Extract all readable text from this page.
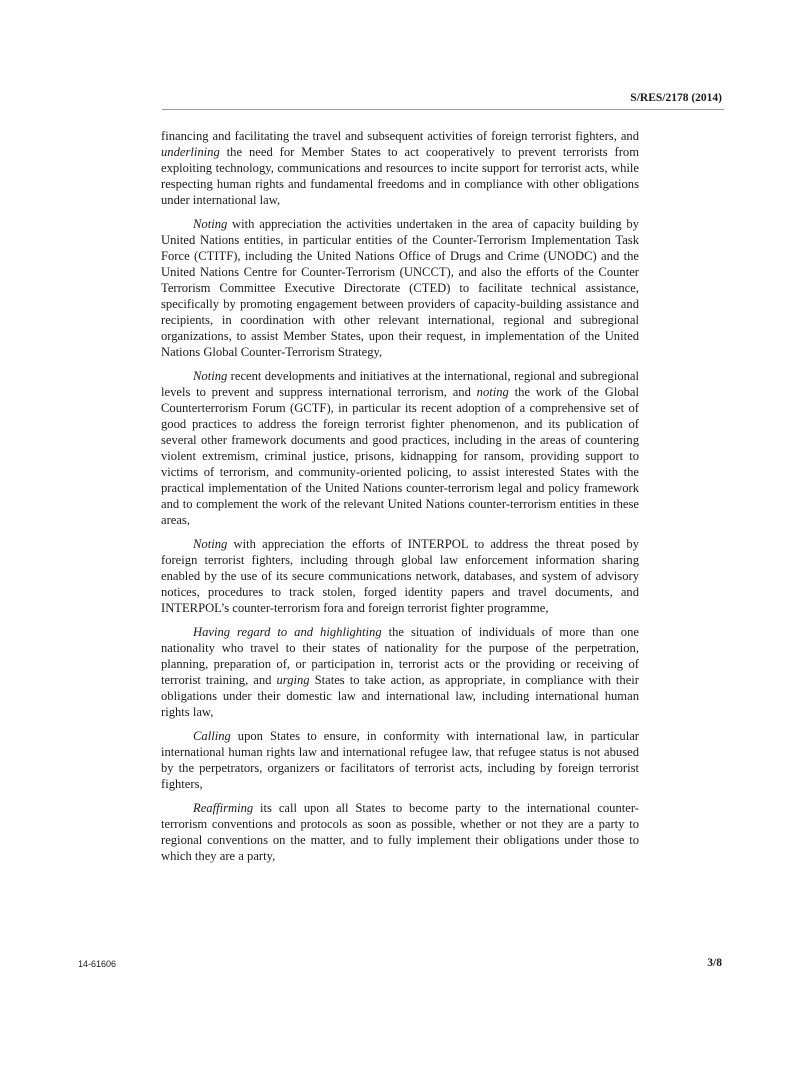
S/RES/2178 (2014)

financing and facilitating the travel and subsequent activities of foreign terrorist fighters, and underlining the need for Member States to act cooperatively to prevent terrorists from exploiting technology, communications and resources to incite support for terrorist acts, while respecting human rights and fundamental freedoms and in compliance with other obligations under international law,

Noting with appreciation the activities undertaken in the area of capacity building by United Nations entities, in particular entities of the Counter-Terrorism Implementation Task Force (CTITF), including the United Nations Office of Drugs and Crime (UNODC) and the United Nations Centre for Counter-Terrorism (UNCCT), and also the efforts of the Counter Terrorism Committee Executive Directorate (CTED) to facilitate technical assistance, specifically by promoting engagement between providers of capacity-building assistance and recipients, in coordination with other relevant international, regional and subregional organizations, to assist Member States, upon their request, in implementation of the United Nations Global Counter-Terrorism Strategy,

Noting recent developments and initiatives at the international, regional and subregional levels to prevent and suppress international terrorism, and noting the work of the Global Counterterrorism Forum (GCTF), in particular its recent adoption of a comprehensive set of good practices to address the foreign terrorist fighter phenomenon, and its publication of several other framework documents and good practices, including in the areas of countering violent extremism, criminal justice, prisons, kidnapping for ransom, providing support to victims of terrorism, and community-oriented policing, to assist interested States with the practical implementation of the United Nations counter-terrorism legal and policy framework and to complement the work of the relevant United Nations counter-terrorism entities in these areas,

Noting with appreciation the efforts of INTERPOL to address the threat posed by foreign terrorist fighters, including through global law enforcement information sharing enabled by the use of its secure communications network, databases, and system of advisory notices, procedures to track stolen, forged identity papers and travel documents, and INTERPOL’s counter-terrorism fora and foreign terrorist fighter programme,

Having regard to and highlighting the situation of individuals of more than one nationality who travel to their states of nationality for the purpose of the perpetration, planning, preparation of, or participation in, terrorist acts or the providing or receiving of terrorist training, and urging States to take action, as appropriate, in compliance with their obligations under their domestic law and international law, including international human rights law,

Calling upon States to ensure, in conformity with international law, in particular international human rights law and international refugee law, that refugee status is not abused by the perpetrators, organizers or facilitators of terrorist acts, including by foreign terrorist fighters,

Reaffirming its call upon all States to become party to the international counter-terrorism conventions and protocols as soon as possible, whether or not they are a party to regional conventions on the matter, and to fully implement their obligations under those to which they are a party,

14-61606	3/8
